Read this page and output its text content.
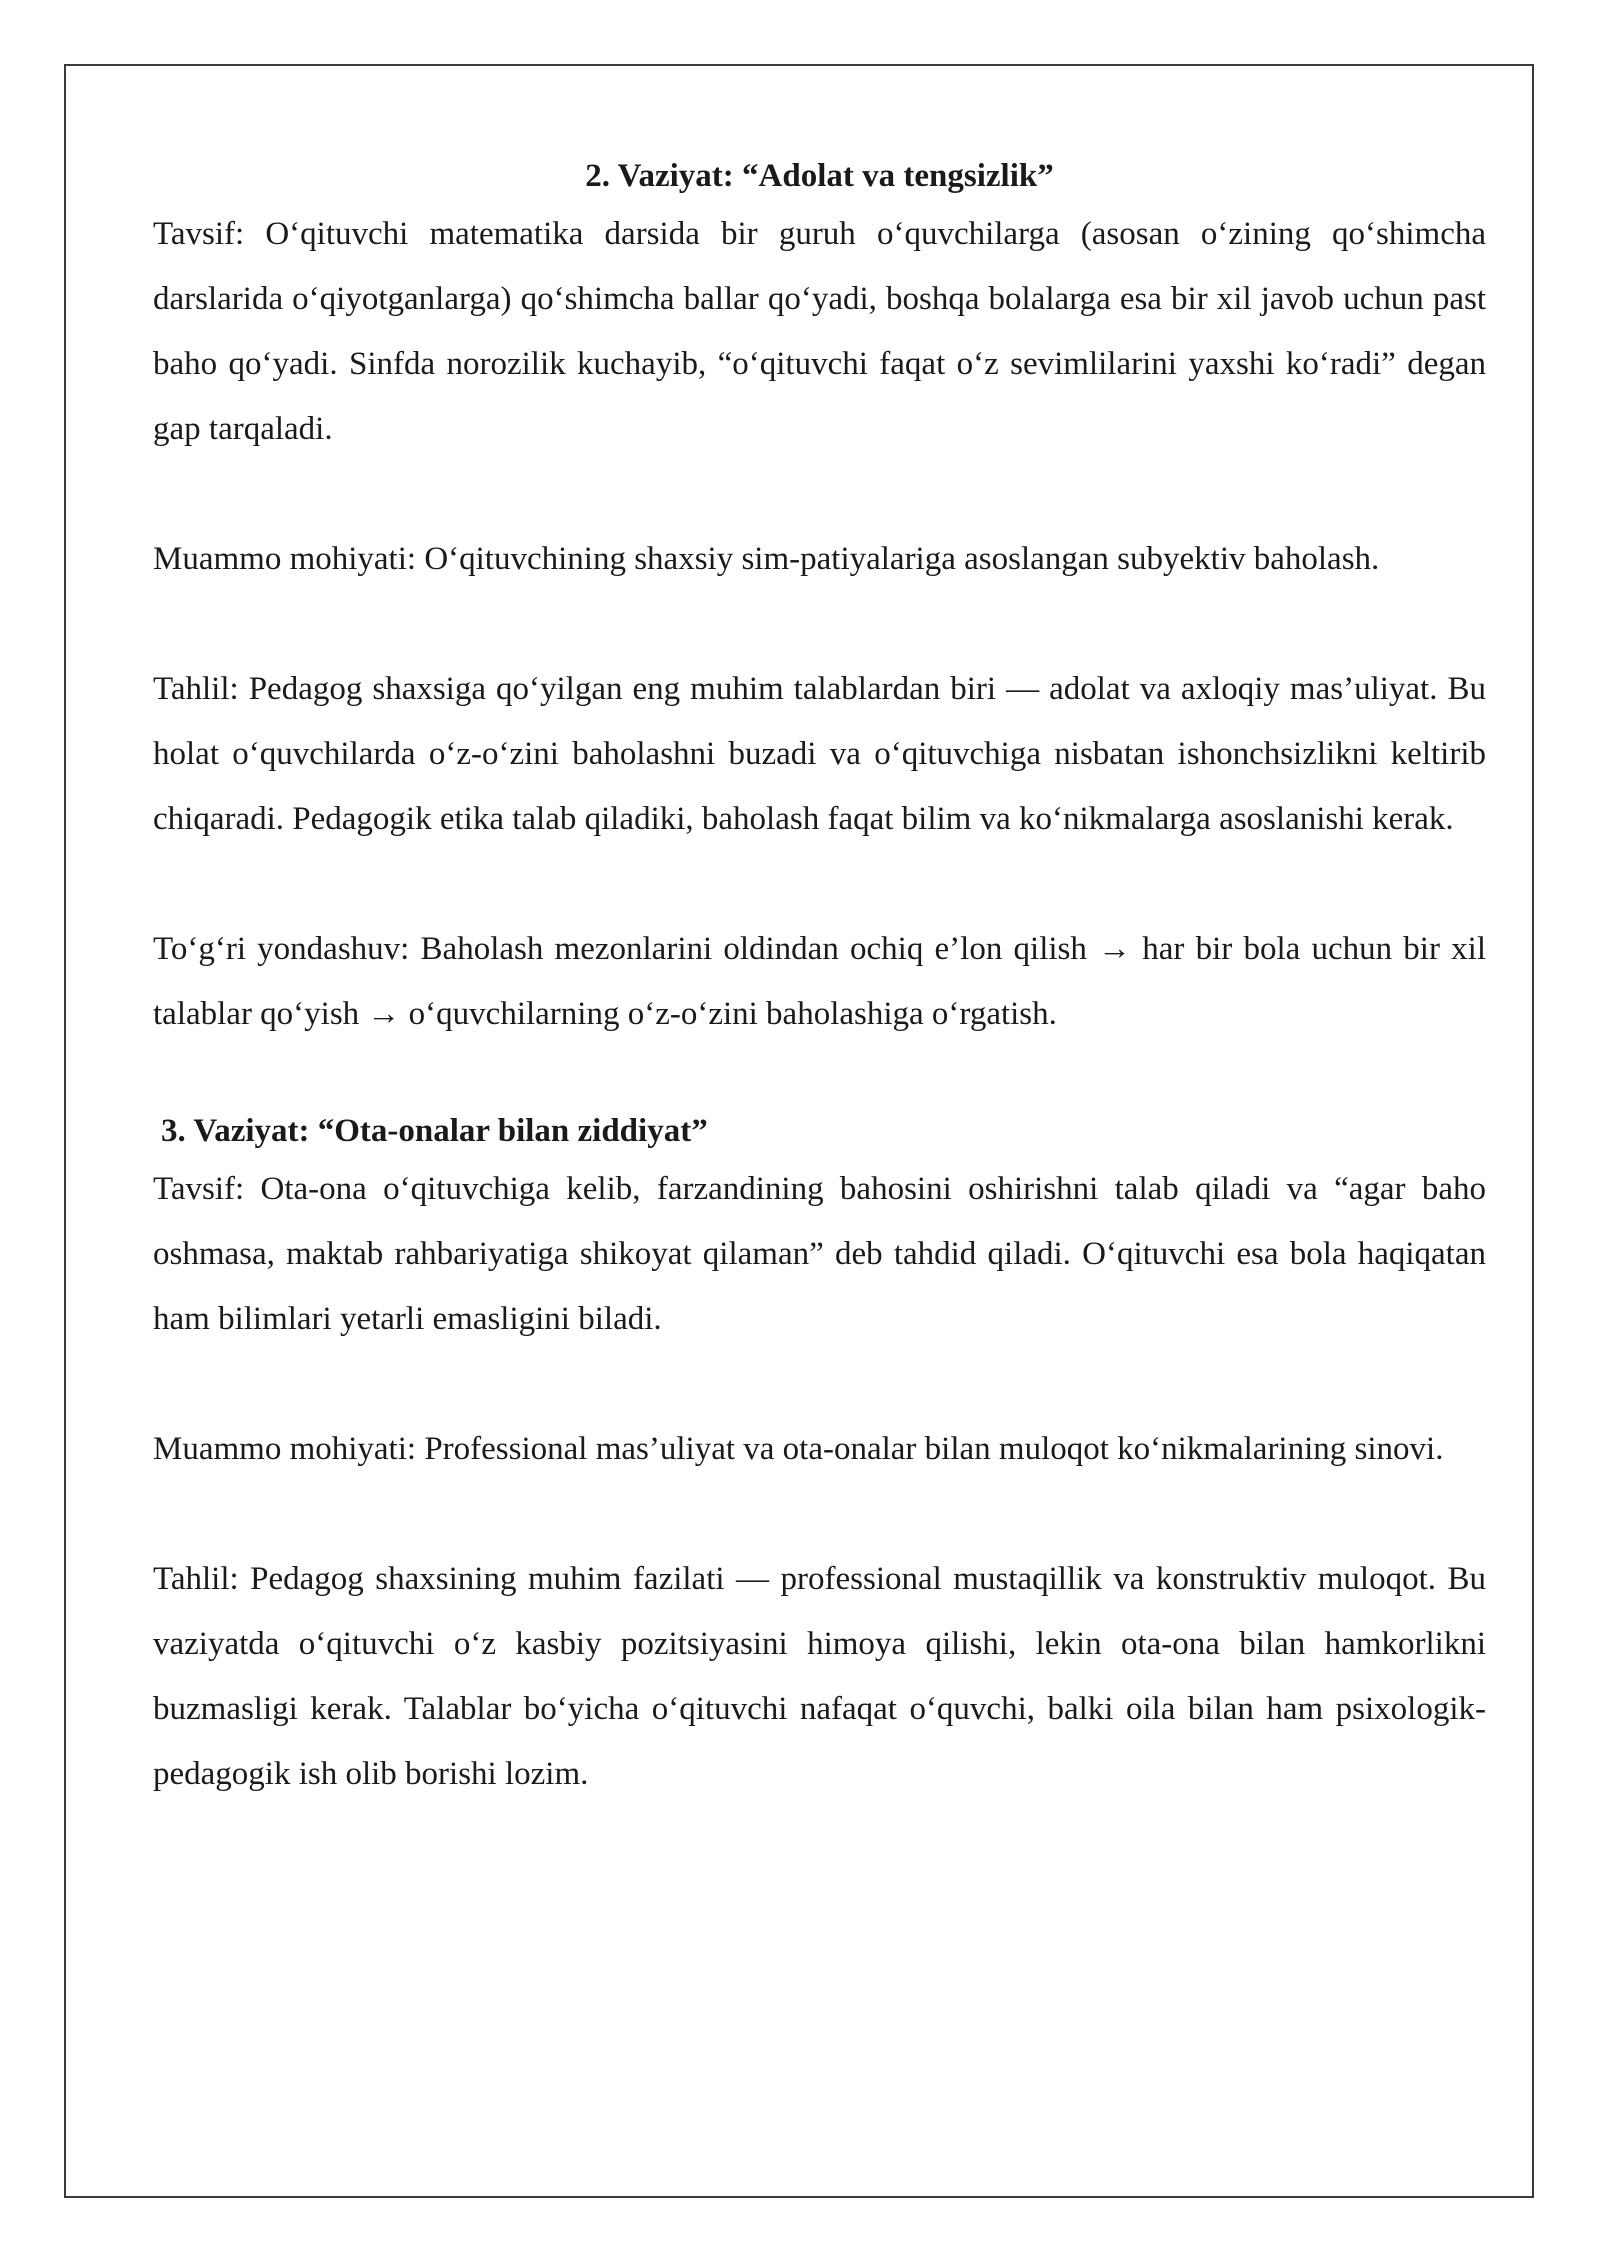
2. Vaziyat: “Adolat va tengsizlik”

Tavsif: O‘qituvchi matematika darsida bir guruh o‘quvchilarga (asosan o‘zining qo‘shimcha darslarida o‘qiyotganlarga) qo‘shimcha ballar qo‘yadi, boshqa bolalarga esa bir xil javob uchun past baho qo‘yadi. Sinfda norozilik kuchayib, “o‘qituvchi faqat o‘z sevimlilarini yaxshi ko‘radi” degan gap tarqaladi.

Muammo mohiyati: O‘qituvchining shaxsiy sim-patiyalariga asoslangan subyektiv baholash.

Tahlil: Pedagog shaxsiga qo‘yilgan eng muhim talablardan biri — adolat va axloqiy mas’uliyat. Bu holat o‘quvchilarda o‘z-o‘zini baholashni buzadi va o‘qituvchiga nisbatan ishonchsizlikni keltirib chiqaradi. Pedagogik etika talab qiladiki, baholash faqat bilim va ko‘nikmalarga asoslanishi kerak.

To‘g‘ri yondashuv: Baholash mezonlarini oldindan ochiq e’lon qilish → har bir bola uchun bir xil talablar qo‘yish → o‘quvchilarning o‘z-o‘zini baholashiga o‘rgatish.

3. Vaziyat: “Ota-onalar bilan ziddiyat”

Tavsif: Ota-ona o‘qituvchiga kelib, farzandining bahosini oshirishni talab qiladi va “agar baho oshmasa, maktab rahbariyatiga shikoyat qilaman” deb tahdid qiladi. O‘qituvchi esa bola haqiqatan ham bilimlari yetarli emasligini biladi.

Muammo mohiyati: Professional mas’uliyat va ota-onalar bilan muloqot ko‘nikmalarining sinovi.

Tahlil: Pedagog shaxsining muhim fazilati — professional mustaqillik va konstruktiv muloqot. Bu vaziyatda o‘qituvchi o‘z kasbiy pozitsiyasini himoya qilishi, lekin ota-ona bilan hamkorlikni buzmasligi kerak. Talablar bo‘yicha o‘qituvchi nafaqat o‘quvchi, balki oila bilan ham psixologik-pedagogik ish olib borishi lozim.
